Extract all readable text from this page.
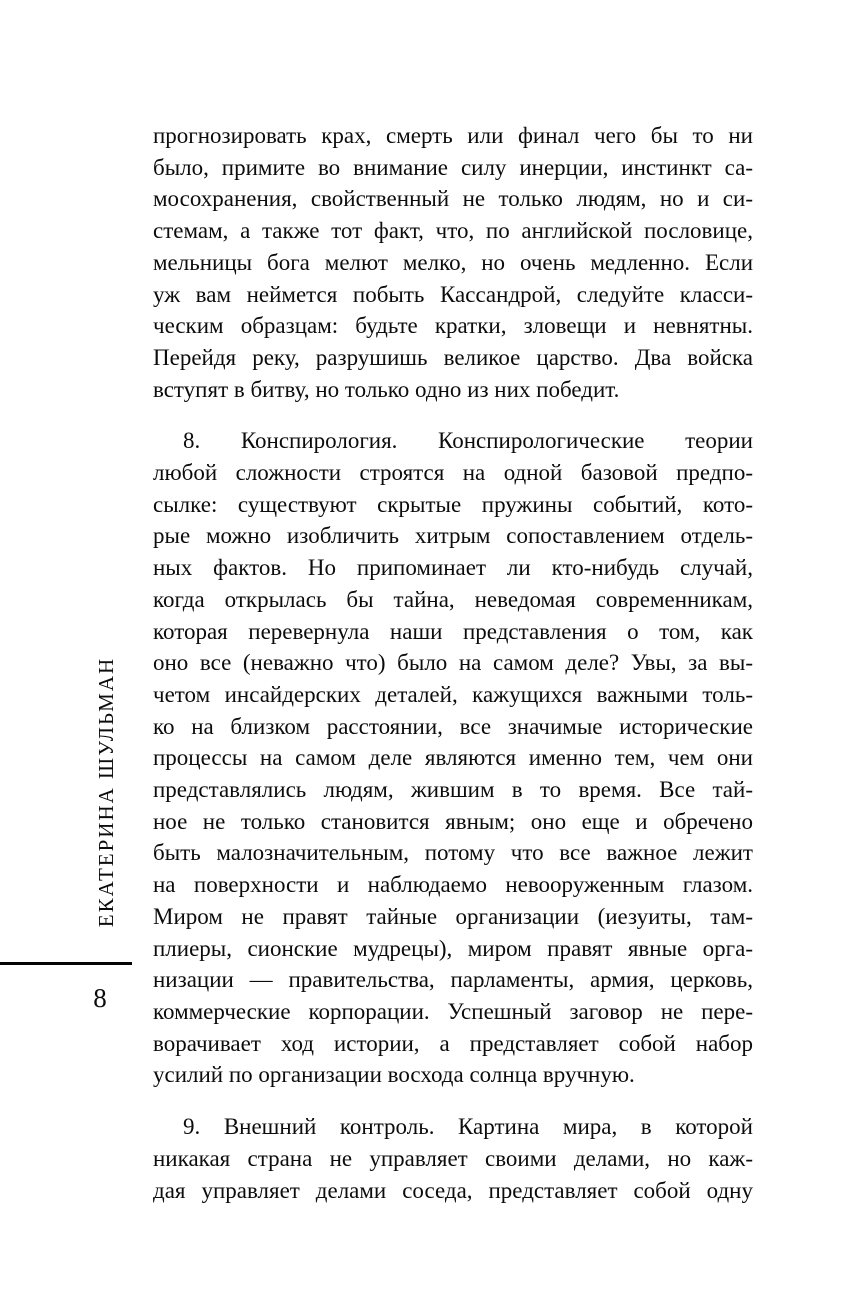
ЕКАТЕРИНА ШУЛЬМАН
8
прогнозировать крах, смерть или финал чего бы то ни
было, примите во внимание силу инерции, инстинкт са-
мосохранения, свойственный не только людям, но и си-
стемам, а также тот факт, что, по английской пословице,
мельницы бога мелют мелко, но очень медленно. Если
уж вам неймется побыть Кассандрой, следуйте класси-
ческим образцам: будьте кратки, зловещи и невнятны.
Перейдя реку, разрушишь великое царство. Два войска
вступят в битву, но только одно из них победит.
8. Конспирология. Конспирологические теории
любой сложности строятся на одной базовой предпо-
сылке: существуют скрытые пружины событий, кото-
рые можно изобличить хитрым сопоставлением отдель-
ных фактов. Но припоминает ли кто-нибудь случай,
когда открылась бы тайна, неведомая современникам,
которая перевернула наши представления о том, как
оно все (неважно что) было на самом деле? Увы, за вы-
четом инсайдерских деталей, кажущихся важными толь-
ко на близком расстоянии, все значимые исторические
процессы на самом деле являются именно тем, чем они
представлялись людям, жившим в то время. Все тай-
ное не только становится явным; оно еще и обречено
быть малозначительным, потому что все важное лежит
на поверхности и наблюдаемо невооруженным глазом.
Миром не правят тайные организации (иезуиты, там-
плиеры, сионские мудрецы), миром правят явные орга-
низации — правительства, парламенты, армия, церковь,
коммерческие корпорации. Успешный заговор не пере-
ворачивает ход истории, а представляет собой набор
усилий по организации восхода солнца вручную.
9. Внешний контроль. Картина мира, в которой
никакая страна не управляет своими делами, но каж-
дая управляет делами соседа, представляет собой одну
